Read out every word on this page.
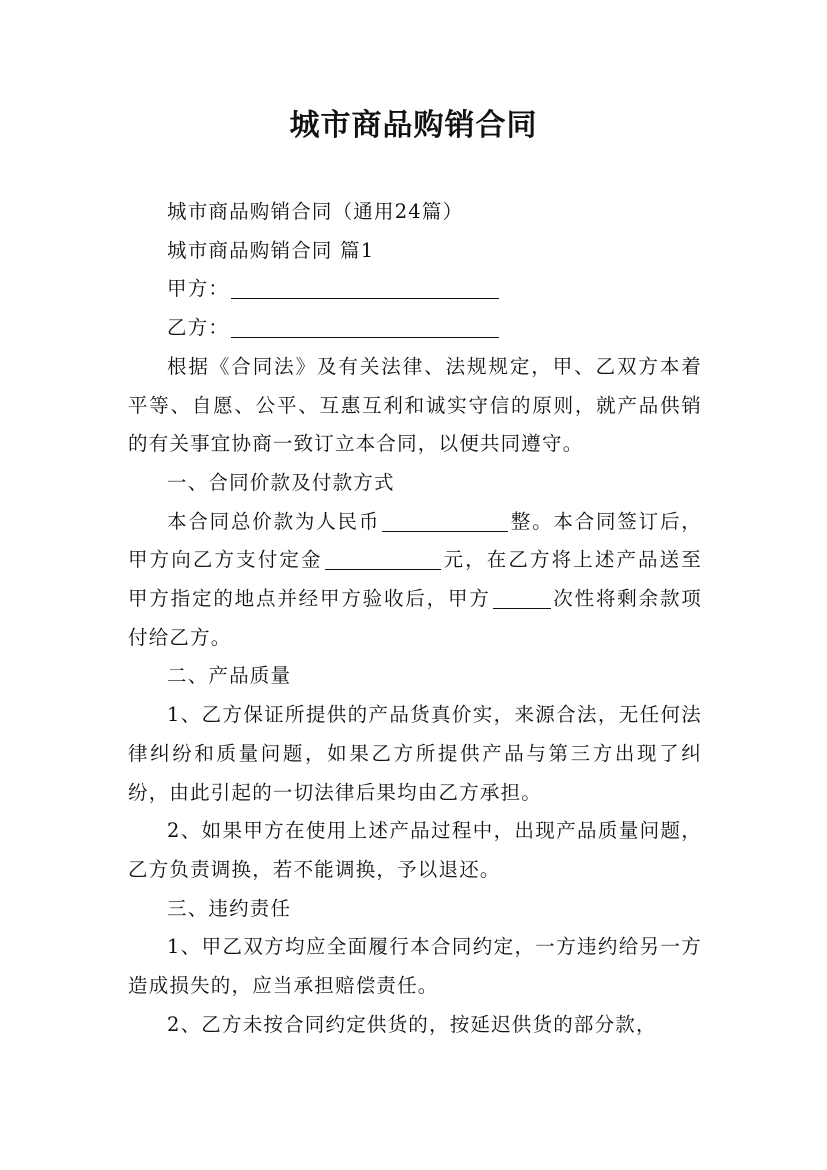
城市商品购销合同

城市商品购销合同（通用24篇）

城市商品购销合同 篇1

甲方：

乙方：

根据《合同法》及有关法律、法规规定，甲、乙双方本着平等、自愿、公平、互惠互利和诚实守信的原则，就产品供销的有关事宜协商一致订立本合同，以便共同遵守。

一、合同价款及付款方式

本合同总价款为人民币	整。本合同签订后，甲方向乙方支付定金	元，在乙方将上述产品送至甲方指定的地点并经甲方验收后，甲方	次性将剩余款项付给乙方。

二、产品质量

1、乙方保证所提供的产品货真价实，来源合法，无任何法律纠纷和质量问题，如果乙方所提供产品与第三方出现了纠纷，由此引起的一切法律后果均由乙方承担。

2、如果甲方在使用上述产品过程中，出现产品质量问题，乙方负责调换，若不能调换，予以退还。

三、违约责任

1、甲乙双方均应全面履行本合同约定，一方违约给另一方造成损失的，应当承担赔偿责任。

2、乙方未按合同约定供货的，按延迟供货的部分款，
